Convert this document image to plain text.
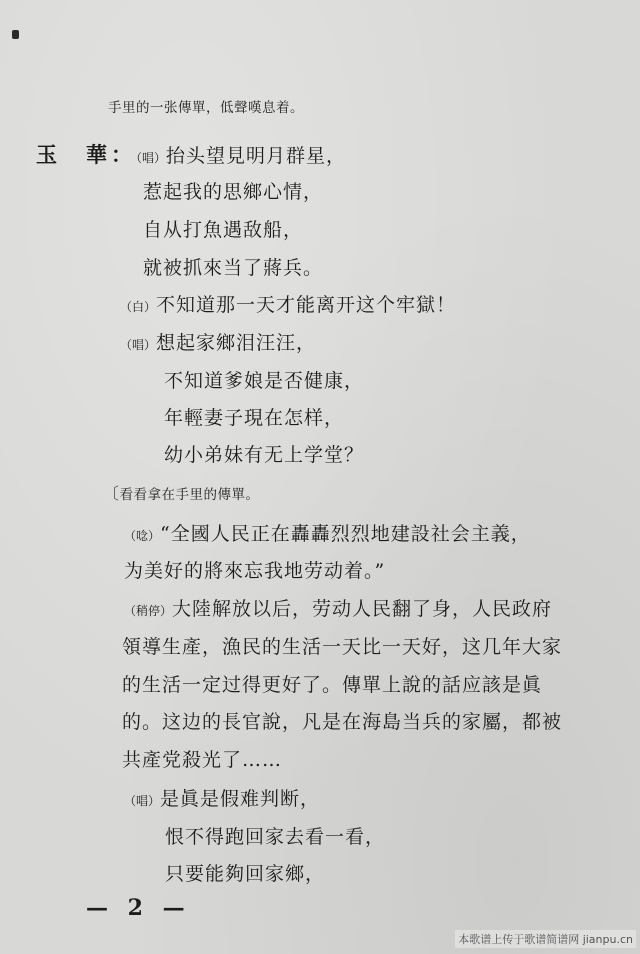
手里的一张傳單，低聲嘆息着。
玉　華：（唱）抬头望見明月群星，
惹起我的思鄉心情，
自从打魚遇敌船，
就被抓來当了蔣兵。
（白）不知道那一天才能离开这个牢獄！
（唱）想起家鄉泪汪汪，
不知道爹娘是否健康，
年輕妻子現在怎样，
幼小弟妹有无上学堂？
〔看看拿在手里的傳單。
（唸）“全國人民正在轟轟烈烈地建設社会主義，
为美好的將來忘我地劳动着。”
（稍停）大陸解放以后，劳动人民翻了身，人民政府
領導生產，漁民的生活一天比一天好，这几年大家
的生活一定过得更好了。傳單上說的話应該是眞
的。这边的長官說，凡是在海島当兵的家屬，都被
共產党殺光了……
（唱）是眞是假难判断，
恨不得跑回家去看一看，
只要能夠回家鄉，
— 2 —
本歌谱上传于歌谱简谱网 jianpu.cn
